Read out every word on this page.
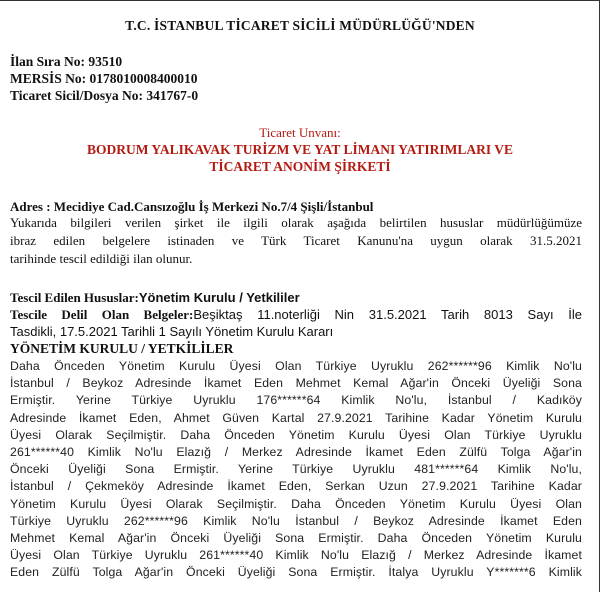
T.C. İSTANBUL TİCARET SİCİLİ MÜDÜRLÜĞÜ'NDEN
İlan Sıra No: 93510
MERSİS No: 0178010008400010
Ticaret Sicil/Dosya No: 341767-0
Ticaret Unvanı:
BODRUM YALIKAVAK TURİZM VE YAT LİMANI YATIRIMLARI VE
TİCARET ANONİM ŞİRKETİ
Adres : Mecidiye Cad.Cansızoğlu İş Merkezi No.7/4 Şişli/İstanbul
Yukarıda bilgileri verilen şirket ile ilgili olarak aşağıda belirtilen hususlar müdürlüğümüze
ibraz edilen belgelere istinaden ve Türk Ticaret Kanunu'na uygun olarak 31.5.2021
tarihinde tescil edildiği ilan olunur.
Tescil Edilen Hususlar:Yönetim Kurulu / Yetkililer
Tescile Delil Olan Belgeler:Beşiktaş 11.noterliği Nin 31.5.2021 Tarih 8013 Sayı İle
Tasdikli, 17.5.2021 Tarihli 1 Sayılı Yönetim Kurulu Kararı
YÖNETİM KURULU / YETKİLİLER
Daha Önceden Yönetim Kurulu Üyesi Olan Türkiye Uyruklu 262******96 Kimlik No'lu
İstanbul / Beykoz Adresinde İkamet Eden Mehmet Kemal Ağar'in Önceki Üyeliği Sona
Ermiştir. Yerine Türkiye Uyruklu 176******64 Kimlik No'lu, İstanbul / Kadıköy
Adresinde İkamet Eden, Ahmet Güven Kartal 27.9.2021 Tarihine Kadar Yönetim Kurulu
Üyesi Olarak Seçilmiştir. Daha Önceden Yönetim Kurulu Üyesi Olan Türkiye Uyruklu
261******40 Kimlik No'lu Elazığ / Merkez Adresinde İkamet Eden Zülfü Tolga Ağar'in
Önceki Üyeliği Sona Ermiştir. Yerine Türkiye Uyruklu 481******64 Kimlik No'lu,
İstanbul / Çekmeköy Adresinde İkamet Eden, Serkan Uzun 27.9.2021 Tarihine Kadar
Yönetim Kurulu Üyesi Olarak Seçilmiştir. Daha Önceden Yönetim Kurulu Üyesi Olan
Türkiye Uyruklu 262******96 Kimlik No'lu İstanbul / Beykoz Adresinde İkamet Eden
Mehmet Kemal Ağar'in Önceki Üyeliği Sona Ermiştir. Daha Önceden Yönetim Kurulu
Üyesi Olan Türkiye Uyruklu 261******40 Kimlik No'lu Elazığ / Merkez Adresinde İkamet
Eden Zülfü Tolga Ağar'in Önceki Üyeliği Sona Ermiştir. İtalya Uyruklu Y*******6 Kimlik
